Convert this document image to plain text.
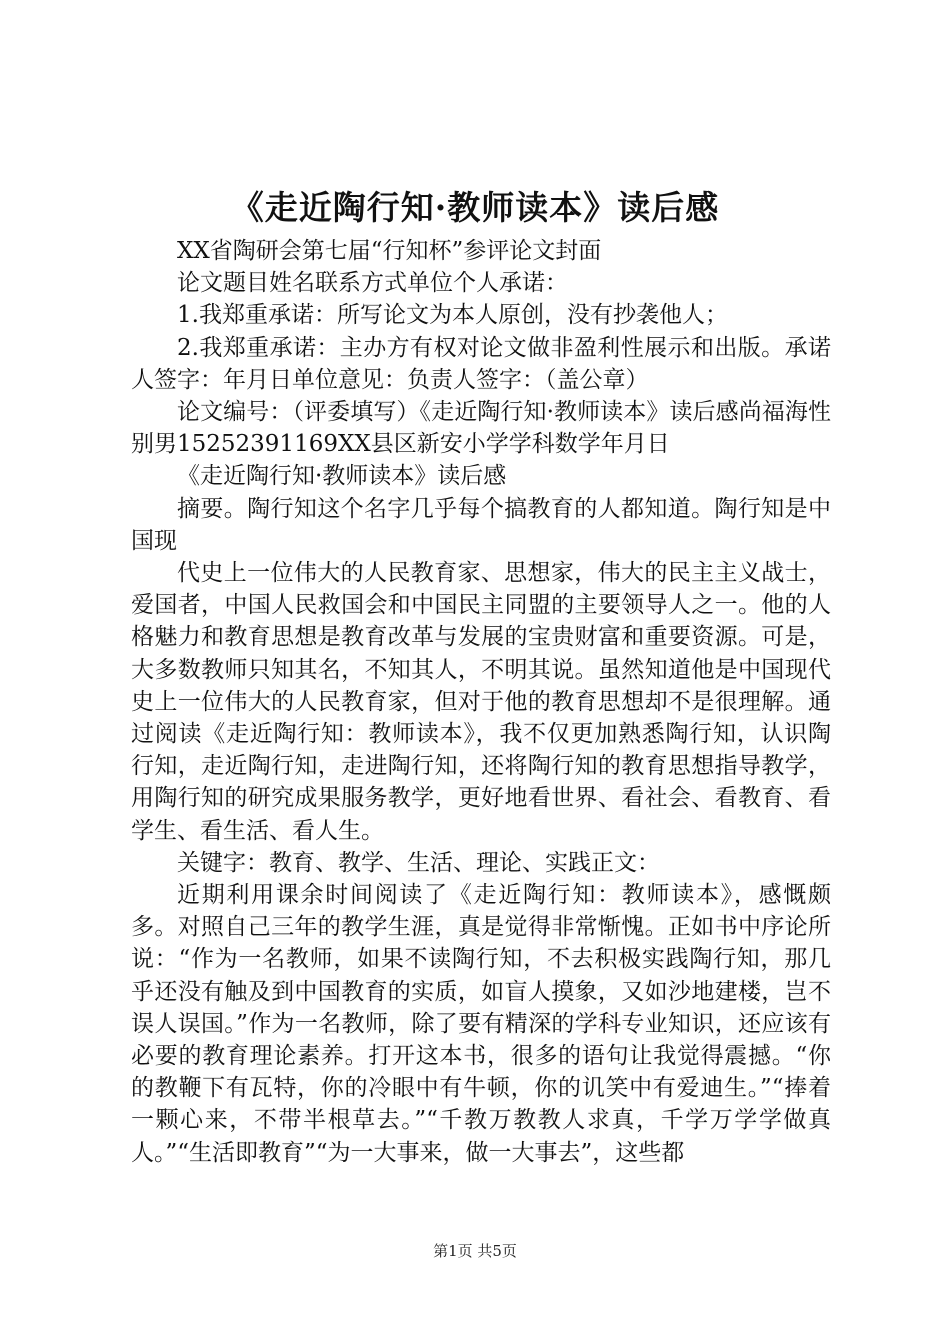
《走近陶行知·教师读本》读后感

XX省陶研会第七届“行知杯”参评论文封面

论文题目姓名联系方式单位个人承诺：

1.我郑重承诺：所写论文为本人原创，没有抄袭他人；

2.我郑重承诺：主办方有权对论文做非盈利性展示和出版。承诺人签字：年月日单位意见：负责人签字：（盖公章）

论文编号：（评委填写）《走近陶行知·教师读本》读后感尚福海性别男15252391169XX县区新安小学学科数学年月日

《走近陶行知·教师读本》读后感

摘要。陶行知这个名字几乎每个搞教育的人都知道。陶行知是中国现

代史上一位伟大的人民教育家、思想家，伟大的民主主义战士，爱国者，中国人民救国会和中国民主同盟的主要领导人之一。他的人格魅力和教育思想是教育改革与发展的宝贵财富和重要资源。可是，大多数教师只知其名，不知其人，不明其说。虽然知道他是中国现代史上一位伟大的人民教育家，但对于他的教育思想却不是很理解。通过阅读《走近陶行知：教师读本》，我不仅更加熟悉陶行知，认识陶行知，走近陶行知，走进陶行知，还将陶行知的教育思想指导教学，用陶行知的研究成果服务教学，更好地看世界、看社会、看教育、看学生、看生活、看人生。

关键字：教育、教学、生活、理论、实践正文：

近期利用课余时间阅读了《走近陶行知：教师读本》，感慨颇多。对照自己三年的教学生涯，真是觉得非常惭愧。正如书中序论所说：“作为一名教师，如果不读陶行知，不去积极实践陶行知，那几乎还没有触及到中国教育的实质，如盲人摸象，又如沙地建楼，岂不误人误国。”作为一名教师，除了要有精深的学科专业知识，还应该有必要的教育理论素养。打开这本书，很多的语句让我觉得震撼。“你的教鞭下有瓦特，你的冷眼中有牛顿，你的讥笑中有爱迪生。”“捧着一颗心来，不带半根草去。”“千教万教教人求真，千学万学学做真人。”“生活即教育”“为一大事来，做一大事去”，这些都

第1页 共5页
